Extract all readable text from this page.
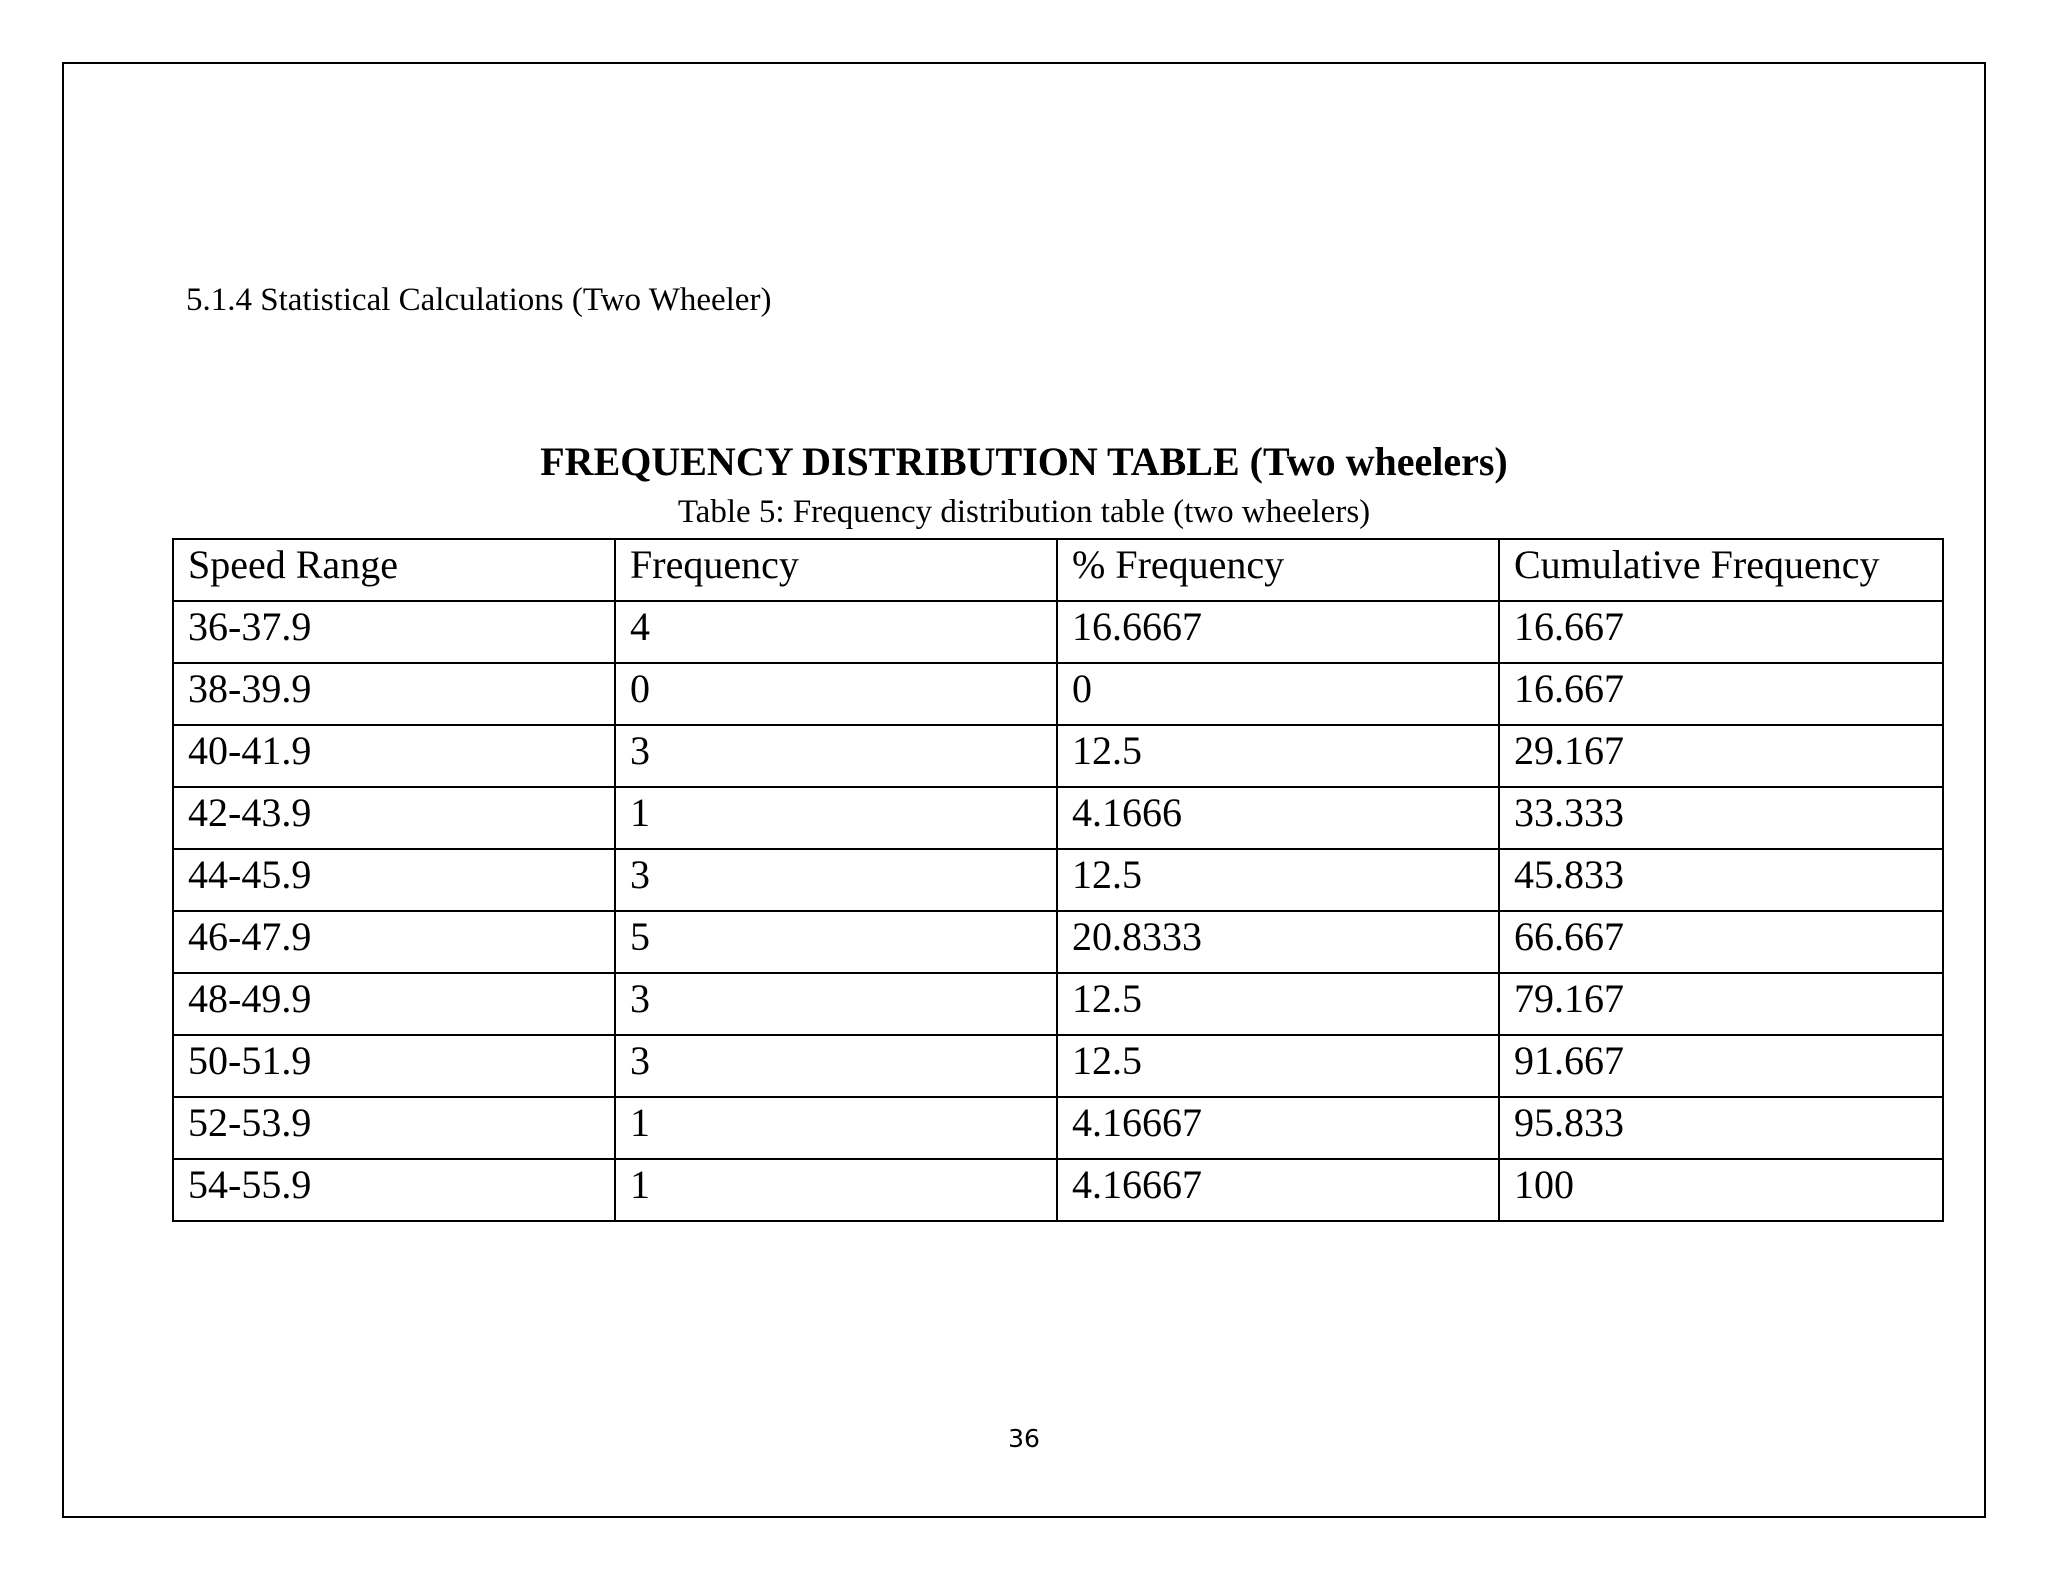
5.1.4 Statistical Calculations (Two Wheeler)
FREQUENCY DISTRIBUTION TABLE (Two wheelers)
Table 5: Frequency distribution table (two wheelers)
Speed Range	Frequency	% Frequency	Cumulative Frequency
36-37.9	4	16.6667	16.667
38-39.9	0	0	16.667
40-41.9	3	12.5	29.167
42-43.9	1	4.1666	33.333
44-45.9	3	12.5	45.833
46-47.9	5	20.8333	66.667
48-49.9	3	12.5	79.167
50-51.9	3	12.5	91.667
52-53.9	1	4.16667	95.833
54-55.9	1	4.16667	100
36
